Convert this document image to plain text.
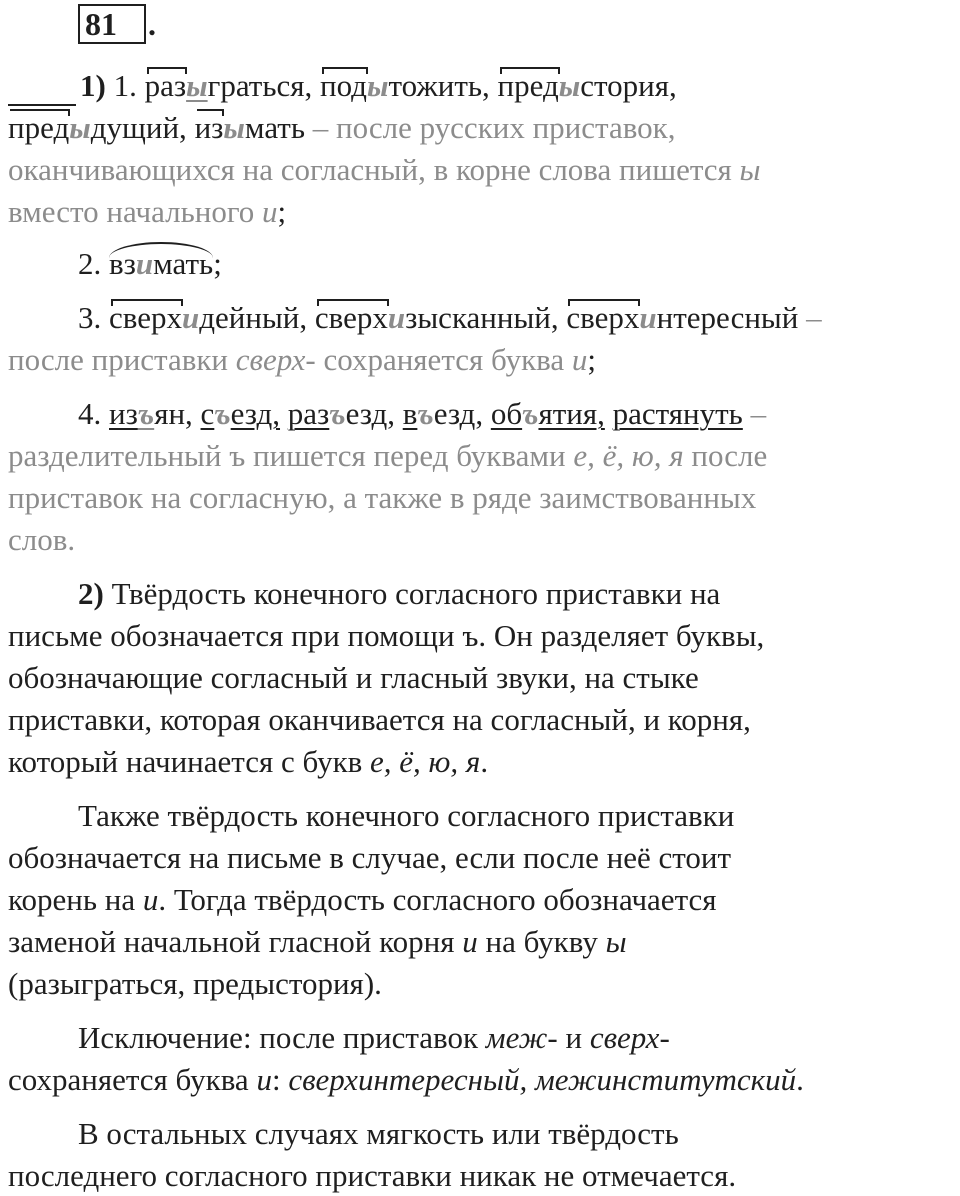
81 .
1) 1. разыграться, подытожить, предыстория,
предыдущий, изымать – после русских приставок,
оканчивающихся на согласный, в корне слова пишется ы
вместо начального и;
2. взимать;
3. сверхидейный, сверхизысканный, сверхинтересный –
после приставки сверх- сохраняется буква и;
4. изъян, съезд, разъезд, въезд, объятия, растянуть –
разделительный ъ пишется перед буквами е, ё, ю, я после
приставок на согласную, а также в ряде заимствованных
слов.
2) Твёрдость конечного согласного приставки на
письме обозначается при помощи ъ. Он разделяет буквы,
обозначающие согласный и гласный звуки, на стыке
приставки, которая оканчивается на согласный, и корня,
который начинается с букв е, ё, ю, я.
Также твёрдость конечного согласного приставки
обозначается на письме в случае, если после неё стоит
корень на и. Тогда твёрдость согласного обозначается
заменой начальной гласной корня и на букву ы
(разыграться, предыстория).
Исключение: после приставок меж- и сверх-
сохраняется буква и: сверхинтересный, межинститутский.
В остальных случаях мягкость или твёрдость
последнего согласного приставки никак не отмечается.
